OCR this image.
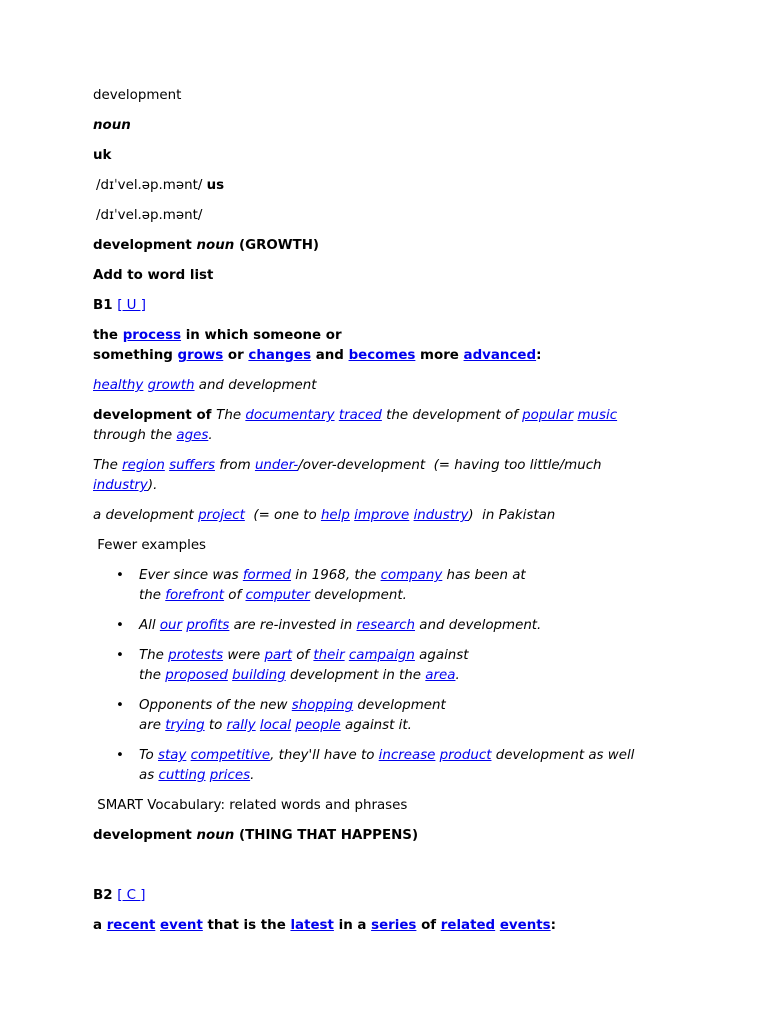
development

noun

uk

/dɪˈvel.əp.mənt/ us

/dɪˈvel.əp.mənt/

development noun (GROWTH)

Add to word list

B1 [ U ]

the process in which someone or
something grows or changes and becomes more advanced:

healthy growth and development

development of The documentary traced the development of popular music through the ages.

The region suffers from under-/over-development  (= having too little/much industry).

a development project  (= one to help improve industry)  in Pakistan

Fewer examples

• Ever since was formed in 1968, the company has been at
the forefront of computer development.
• All our profits are re-invested in research and development.
• The protests were part of their campaign against
the proposed building development in the area.
• Opponents of the new shopping development
are trying to rally local people against it.
• To stay competitive, they'll have to increase product development as well
as cutting prices.

SMART Vocabulary: related words and phrases

development noun (THING THAT HAPPENS)

B2 [ C ]

a recent event that is the latest in a series of related events:
